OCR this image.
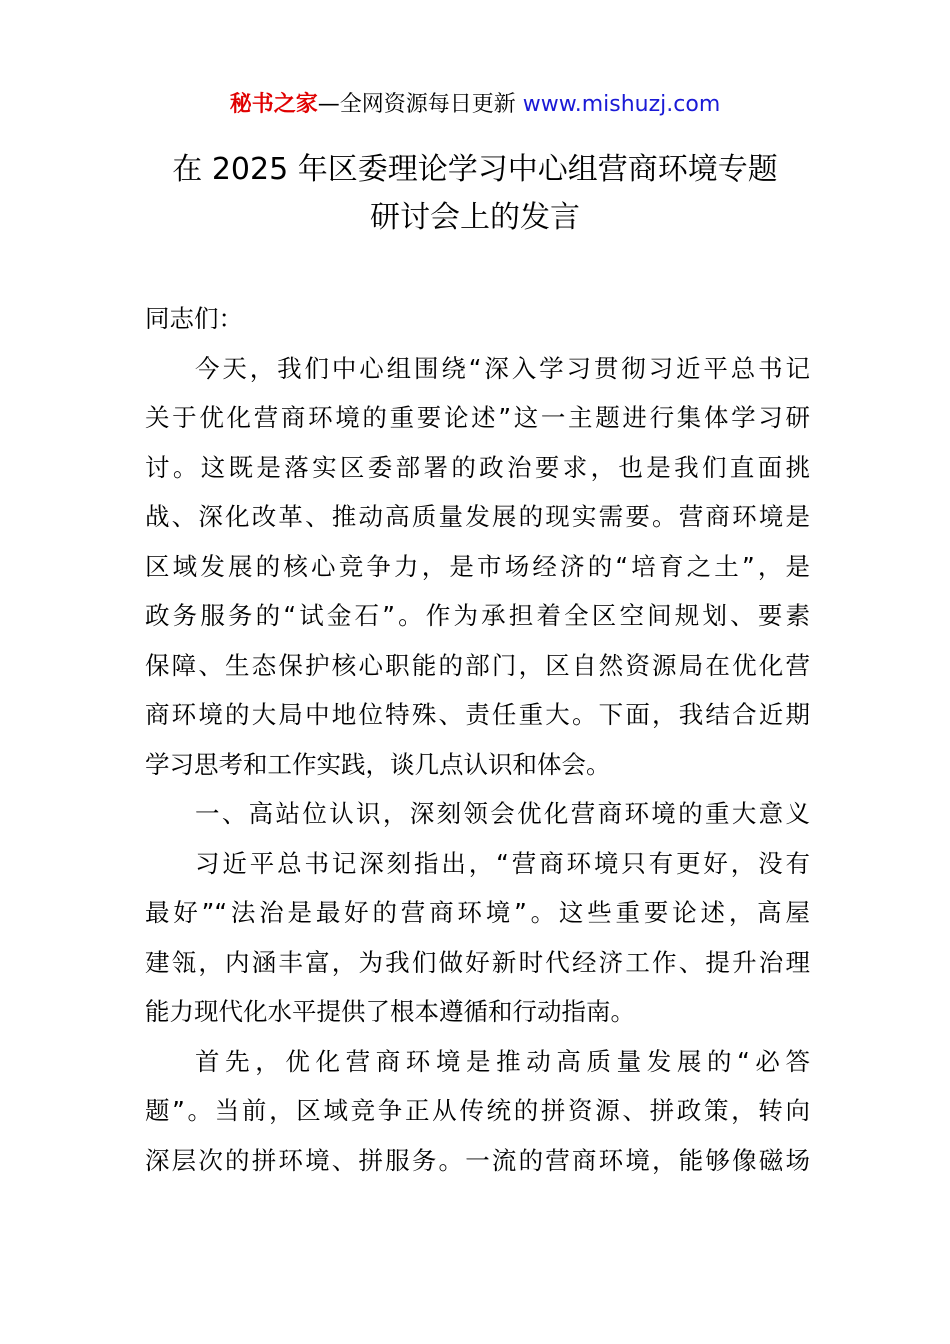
秘书之家—全网资源每日更新 www.mishuzj.com
在 2025 年区委理论学习中心组营商环境专题
研讨会上的发言
同志们：
今天，我们中心组围绕“深入学习贯彻习近平总书记
关于优化营商环境的重要论述”这一主题进行集体学习研
讨。这既是落实区委部署的政治要求，也是我们直面挑
战、深化改革、推动高质量发展的现实需要。营商环境是
区域发展的核心竞争力，是市场经济的“培育之土”，是
政务服务的“试金石”。作为承担着全区空间规划、要素
保障、生态保护核心职能的部门，区自然资源局在优化营
商环境的大局中地位特殊、责任重大。下面，我结合近期
学习思考和工作实践，谈几点认识和体会。
一、高站位认识，深刻领会优化营商环境的重大意义
习近平总书记深刻指出，“营商环境只有更好，没有
最好”“法治是最好的营商环境”。这些重要论述，高屋
建瓴，内涵丰富，为我们做好新时代经济工作、提升治理
能力现代化水平提供了根本遵循和行动指南。
首先，优化营商环境是推动高质量发展的“必答
题”。当前，区域竞争正从传统的拼资源、拼政策，转向
深层次的拼环境、拼服务。一流的营商环境，能够像磁场
